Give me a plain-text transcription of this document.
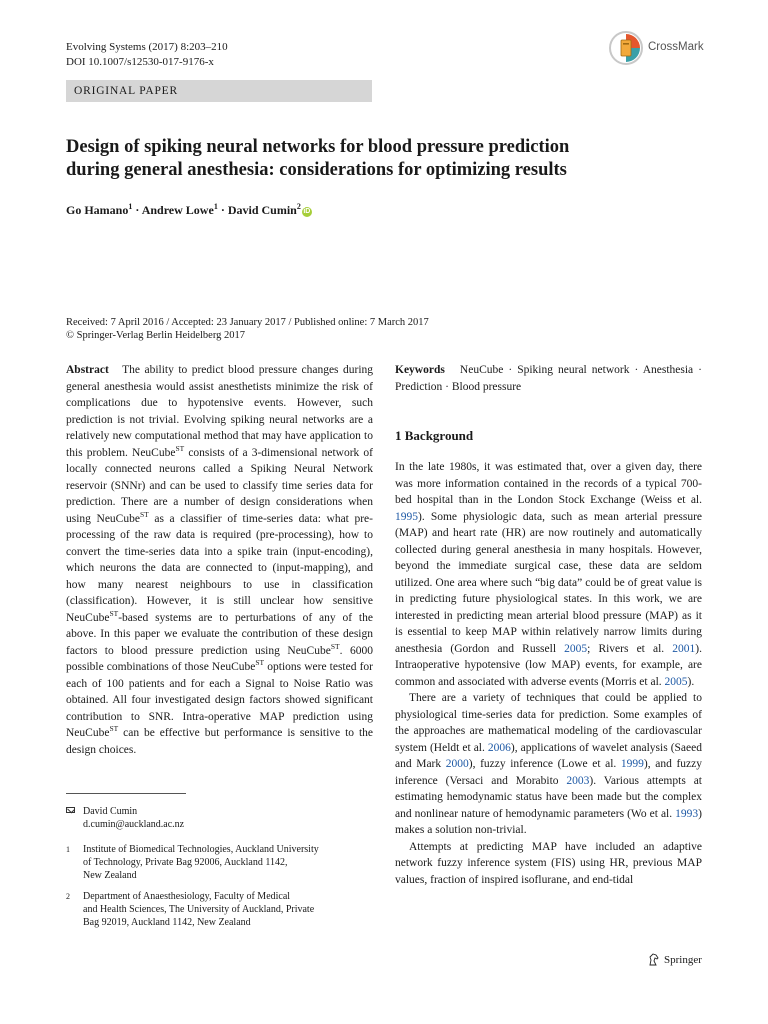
Evolving Systems (2017) 8:203–210
DOI 10.1007/s12530-017-9176-x
CrossMark
ORIGINAL PAPER
Design of spiking neural networks for blood pressure prediction
during general anesthesia: considerations for optimizing results
Go Hamano$^1$ · Andrew Lowe$^1$ · David Cumin$^2$iD
Received: 7 April 2016 / Accepted: 23 January 2017 / Published online: 7 March 2017
© Springer-Verlag Berlin Heidelberg 2017
Abstract The ability to predict blood pressure changes during general anesthesia would assist anesthetists minimize the risk of complications due to hypotensive events. However, such prediction is not trivial. Evolving spiking neural networks are a relatively new computational method that may have application to this problem. NeuCube$^{ST}$ consists of a 3-dimensional network of locally connected neurons called a Spiking Neural Network reservoir (SNNr) and can be used to classify time series data for prediction. There are a number of design considerations when using NeuCube$^{ST}$ as a classifier of time-series data: what pre-processing of the raw data is required (pre-processing), how to convert the time-series data into a spike train (input-encoding), which neurons the data are connected to (input-mapping), and how many nearest neighbours to use in classification (classification). However, it is still unclear how sensitive NeuCube$^{ST}$-based systems are to perturbations of any of the above. In this paper we evaluate the contribution of these design factors to blood pressure prediction using NeuCube$^{ST}$. 6000 possible combinations of those NeuCube$^{ST}$ options were tested for each of 100 patients and for each a Signal to Noise Ratio was obtained. All four investigated design factors showed significant contribution to SNR. Intra-operative MAP prediction using NeuCube$^{ST}$ can be effective but performance is sensitive to the design choices.
David Cumin
d.cumin@auckland.ac.nz
1 Institute of Biomedical Technologies, Auckland University
of Technology, Private Bag 92006, Auckland 1142,
New Zealand
2 Department of Anaesthesiology, Faculty of Medical
and Health Sciences, The University of Auckland, Private
Bag 92019, Auckland 1142, New Zealand
Keywords NeuCube · Spiking neural network · Anesthesia · Prediction · Blood pressure
1 Background

In the late 1980s, it was estimated that, over a given day, there was more information contained in the records of a typical 700-bed hospital than in the London Stock Exchange (Weiss et al. 1995). Some physiologic data, such as mean arterial pressure (MAP) and heart rate (HR) are now routinely and automatically collected during general anesthesia in many hospitals. However, beyond the immediate surgical case, these data are seldom utilized. One area where such “big data” could be of great value is in predicting future physiological states. In this work, we are interested in predicting mean arterial blood pressure (MAP) as it is essential to keep MAP within relatively narrow limits during anesthesia (Gordon and Russell 2005; Rivers et al. 2001). Intraoperative hypotensive (low MAP) events, for example, are common and associated with adverse events (Morris et al. 2005).

There are a variety of techniques that could be applied to physiological time-series data for prediction. Some examples of the approaches are mathematical modeling of the cardiovascular system (Heldt et al. 2006), applications of wavelet analysis (Saeed and Mark 2000), fuzzy inference (Lowe et al. 1999), and fuzzy inference (Versaci and Morabito 2003). Various attempts at estimating hemodynamic status have been made but the complex and nonlinear nature of hemodynamic parameters (Wo et al. 1993) makes a solution non-trivial.

Attempts at predicting MAP have included an adaptive network fuzzy inference system (FIS) using HR, previous MAP values, fraction of inspired isoflurane, and end-tidal

Springer
